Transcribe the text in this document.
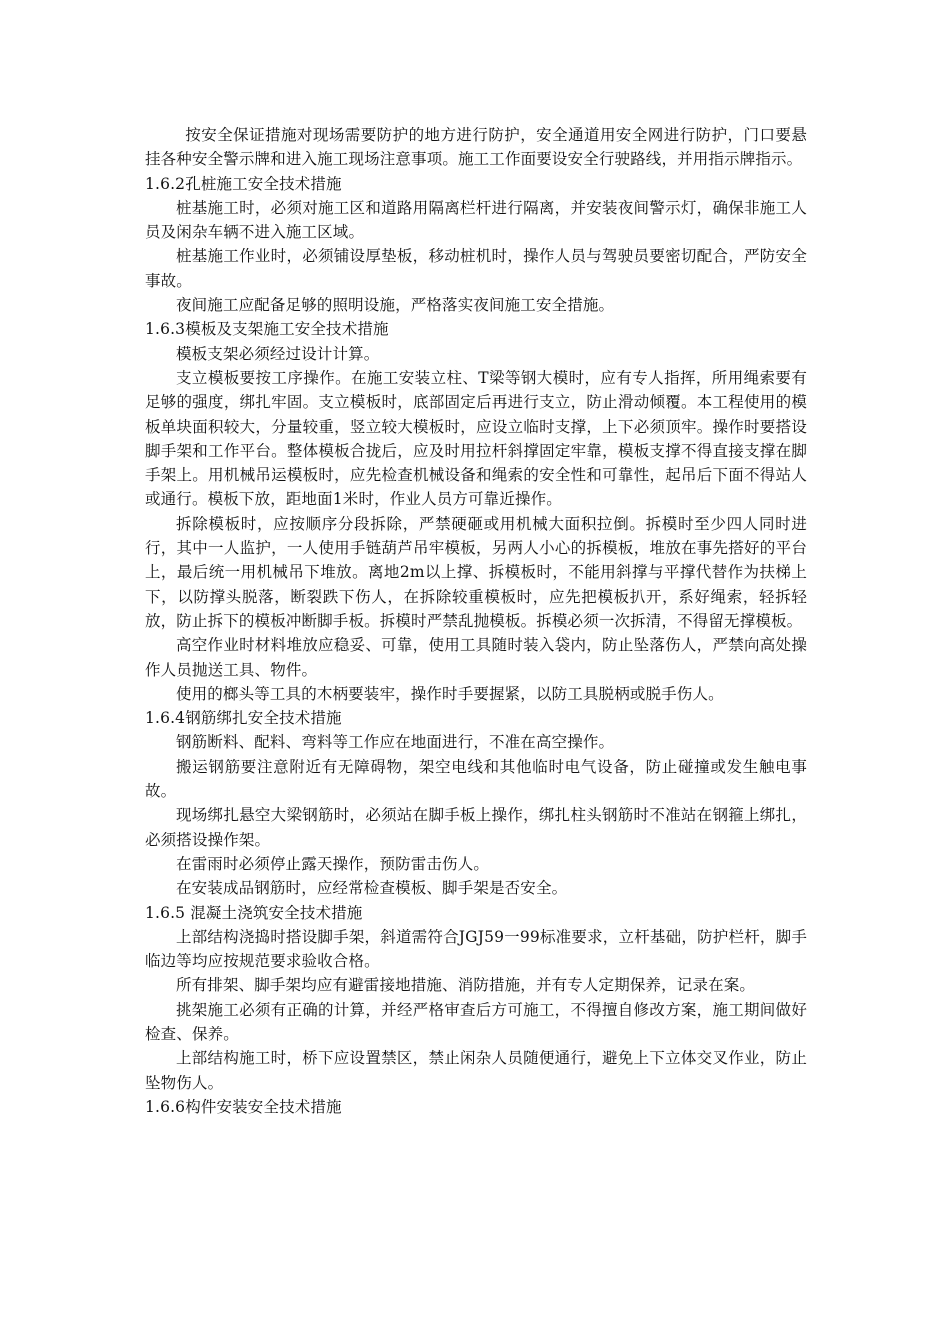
按安全保证措施对现场需要防护的地方进行防护，安全通道用安全网进行防护，门口要悬挂各种安全警示牌和进入施工现场注意事项。施工工作面要设安全行驶路线，并用指示牌指示。

1.6.2孔桩施工安全技术措施

桩基施工时，必须对施工区和道路用隔离栏杆进行隔离，并安装夜间警示灯，确保非施工人员及闲杂车辆不进入施工区域。

桩基施工作业时，必须铺设厚垫板，移动桩机时，操作人员与驾驶员要密切配合，严防安全事故。

夜间施工应配备足够的照明设施，严格落实夜间施工安全措施。

1.6.3模板及支架施工安全技术措施

模板支架必须经过设计计算。

支立模板要按工序操作。在施工安装立柱、T梁等钢大模时，应有专人指挥，所用绳索要有足够的强度，绑扎牢固。支立模板时，底部固定后再进行支立，防止滑动倾覆。本工程使用的模板单块面积较大，分量较重，竖立较大模板时，应设立临时支撑，上下必须顶牢。操作时要搭设脚手架和工作平台。整体模板合拢后，应及时用拉杆斜撑固定牢靠，模板支撑不得直接支撑在脚手架上。用机械吊运模板时，应先检查机械设备和绳索的安全性和可靠性，起吊后下面不得站人或通行。模板下放，距地面1米时，作业人员方可靠近操作。

拆除模板时，应按顺序分段拆除，严禁硬砸或用机械大面积拉倒。拆模时至少四人同时进行，其中一人监护，一人使用手链葫芦吊牢模板，另两人小心的拆模板，堆放在事先搭好的平台上，最后统一用机械吊下堆放。离地2m以上撑、拆模板时，不能用斜撑与平撑代替作为扶梯上下，以防撑头脱落，断裂跌下伤人，在拆除较重模板时，应先把模板扒开，系好绳索，轻拆轻放，防止拆下的模板冲断脚手板。拆模时严禁乱抛模板。拆模必须一次拆清，不得留无撑模板。

高空作业时材料堆放应稳妥、可靠，使用工具随时装入袋内，防止坠落伤人，严禁向高处操作人员抛送工具、物件。

使用的榔头等工具的木柄要装牢，操作时手要握紧，以防工具脱柄或脱手伤人。

1.6.4钢筋绑扎安全技术措施

钢筋断料、配料、弯料等工作应在地面进行，不准在高空操作。

搬运钢筋要注意附近有无障碍物，架空电线和其他临时电气设备，防止碰撞或发生触电事故。

现场绑扎悬空大梁钢筋时，必须站在脚手板上操作，绑扎柱头钢筋时不准站在钢箍上绑扎，必须搭设操作架。

在雷雨时必须停止露天操作，预防雷击伤人。

在安装成品钢筋时，应经常检查模板、脚手架是否安全。

1.6.5 混凝土浇筑安全技术措施

上部结构浇捣时搭设脚手架，斜道需符合JGJ59一99标准要求，立杆基础，防护栏杆，脚手临边等均应按规范要求验收合格。

所有排架、脚手架均应有避雷接地措施、消防措施，并有专人定期保养，记录在案。

挑架施工必须有正确的计算，并经严格审查后方可施工，不得擅自修改方案，施工期间做好检查、保养。

上部结构施工时，桥下应设置禁区，禁止闲杂人员随便通行，避免上下立体交叉作业，防止坠物伤人。

1.6.6构件安装安全技术措施
